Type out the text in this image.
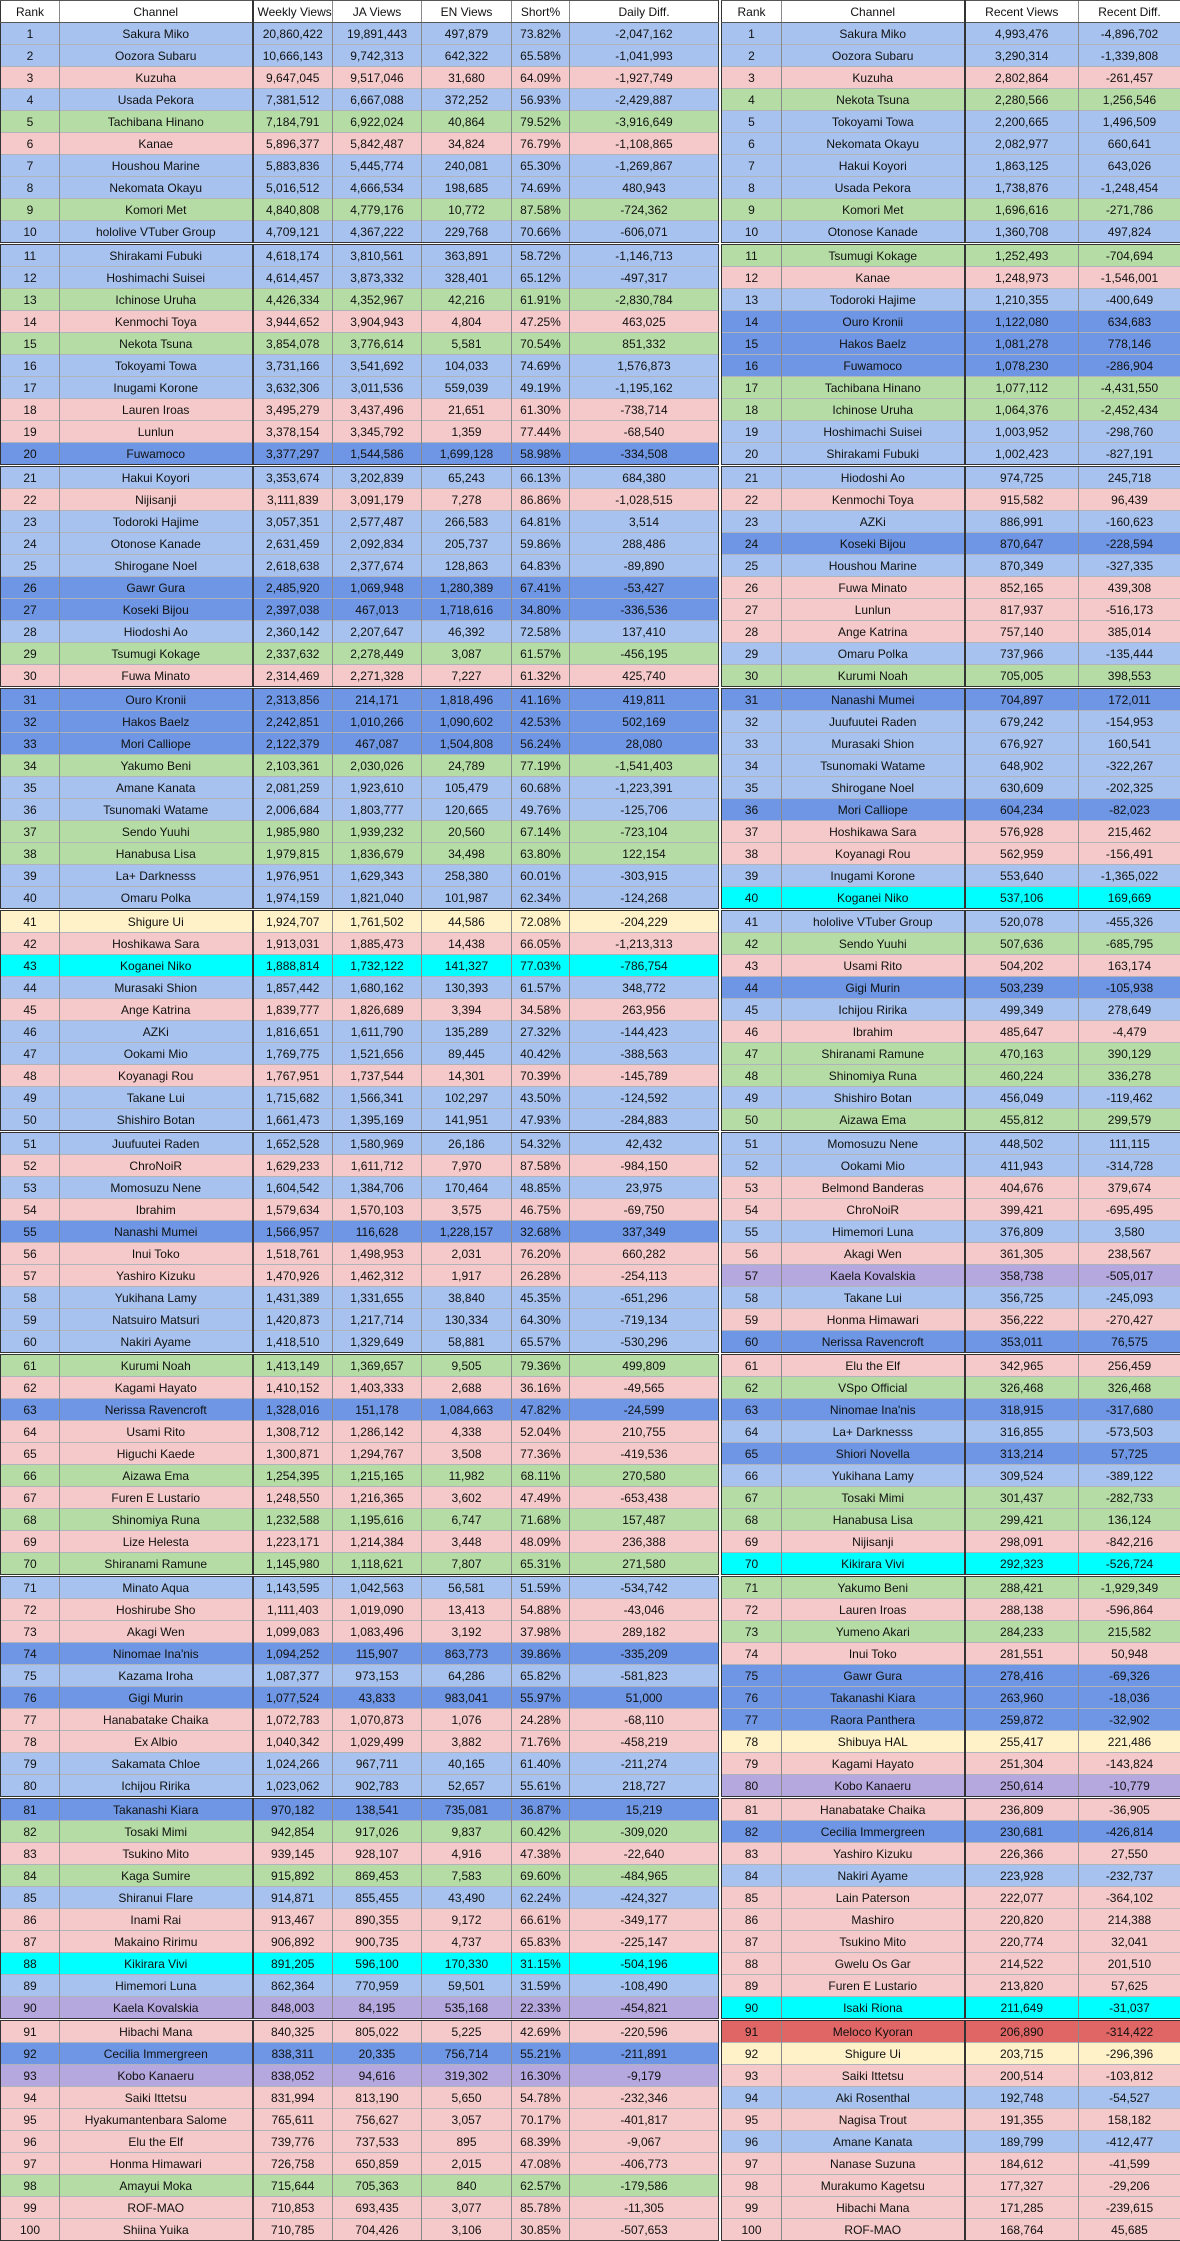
Rank	Channel	Weekly Views	JA Views	EN Views	Short%	Daily Diff.
1	Sakura Miko	20,860,422	19,891,443	497,879	73.82%	-2,047,162
2	Oozora Subaru	10,666,143	9,742,313	642,322	65.58%	-1,041,993
3	Kuzuha	9,647,045	9,517,046	31,680	64.09%	-1,927,749
4	Usada Pekora	7,381,512	6,667,088	372,252	56.93%	-2,429,887
5	Tachibana Hinano	7,184,791	6,922,024	40,864	79.52%	-3,916,649
6	Kanae	5,896,377	5,842,487	34,824	76.79%	-1,108,865
7	Houshou Marine	5,883,836	5,445,774	240,081	65.30%	-1,269,867
8	Nekomata Okayu	5,016,512	4,666,534	198,685	74.69%	480,943
9	Komori Met	4,840,808	4,779,176	10,772	87.58%	-724,362
10	hololive VTuber Group	4,709,121	4,367,222	229,768	70.66%	-606,071
11	Shirakami Fubuki	4,618,174	3,810,561	363,891	58.72%	-1,146,713
12	Hoshimachi Suisei	4,614,457	3,873,332	328,401	65.12%	-497,317
13	Ichinose Uruha	4,426,334	4,352,967	42,216	61.91%	-2,830,784
14	Kenmochi Toya	3,944,652	3,904,943	4,804	47.25%	463,025
15	Nekota Tsuna	3,854,078	3,776,614	5,581	70.54%	851,332
16	Tokoyami Towa	3,731,166	3,541,692	104,033	74.69%	1,576,873
17	Inugami Korone	3,632,306	3,011,536	559,039	49.19%	-1,195,162
18	Lauren Iroas	3,495,279	3,437,496	21,651	61.30%	-738,714
19	Lunlun	3,378,154	3,345,792	1,359	77.44%	-68,540
20	Fuwamoco	3,377,297	1,544,586	1,699,128	58.98%	-334,508
21	Hakui Koyori	3,353,674	3,202,839	65,243	66.13%	684,380
22	Nijisanji	3,111,839	3,091,179	7,278	86.86%	-1,028,515
23	Todoroki Hajime	3,057,351	2,577,487	266,583	64.81%	3,514
24	Otonose Kanade	2,631,459	2,092,834	205,737	59.86%	288,486
25	Shirogane Noel	2,618,638	2,377,674	128,863	64.83%	-89,890
26	Gawr Gura	2,485,920	1,069,948	1,280,389	67.41%	-53,427
27	Koseki Bijou	2,397,038	467,013	1,718,616	34.80%	-336,536
28	Hiodoshi Ao	2,360,142	2,207,647	46,392	72.58%	137,410
29	Tsumugi Kokage	2,337,632	2,278,449	3,087	61.57%	-456,195
30	Fuwa Minato	2,314,469	2,271,328	7,227	61.32%	425,740
31	Ouro Kronii	2,313,856	214,171	1,818,496	41.16%	419,811
32	Hakos Baelz	2,242,851	1,010,266	1,090,602	42.53%	502,169
33	Mori Calliope	2,122,379	467,087	1,504,808	56.24%	28,080
34	Yakumo Beni	2,103,361	2,030,026	24,789	77.19%	-1,541,403
35	Amane Kanata	2,081,259	1,923,610	105,479	60.68%	-1,223,391
36	Tsunomaki Watame	2,006,684	1,803,777	120,665	49.76%	-125,706
37	Sendo Yuuhi	1,985,980	1,939,232	20,560	67.14%	-723,104
38	Hanabusa Lisa	1,979,815	1,836,679	34,498	63.80%	122,154
39	La+ Darknesss	1,976,951	1,629,343	258,380	60.01%	-303,915
40	Omaru Polka	1,974,159	1,821,040	101,987	62.34%	-124,268
41	Shigure Ui	1,924,707	1,761,502	44,586	72.08%	-204,229
42	Hoshikawa Sara	1,913,031	1,885,473	14,438	66.05%	-1,213,313
43	Koganei Niko	1,888,814	1,732,122	141,327	77.03%	-786,754
44	Murasaki Shion	1,857,442	1,680,162	130,393	61.57%	348,772
45	Ange Katrina	1,839,777	1,826,689	3,394	34.58%	263,956
46	AZKi	1,816,651	1,611,790	135,289	27.32%	-144,423
47	Ookami Mio	1,769,775	1,521,656	89,445	40.42%	-388,563
48	Koyanagi Rou	1,767,951	1,737,544	14,301	70.39%	-145,789
49	Takane Lui	1,715,682	1,566,341	102,297	43.50%	-124,592
50	Shishiro Botan	1,661,473	1,395,169	141,951	47.93%	-284,883
51	Juufuutei Raden	1,652,528	1,580,969	26,186	54.32%	42,432
52	ChroNoiR	1,629,233	1,611,712	7,970	87.58%	-984,150
53	Momosuzu Nene	1,604,542	1,384,706	170,464	48.85%	23,975
54	Ibrahim	1,579,634	1,570,103	3,575	46.75%	-69,750
55	Nanashi Mumei	1,566,957	116,628	1,228,157	32.68%	337,349
56	Inui Toko	1,518,761	1,498,953	2,031	76.20%	660,282
57	Yashiro Kizuku	1,470,926	1,462,312	1,917	26.28%	-254,113
58	Yukihana Lamy	1,431,389	1,331,655	38,840	45.35%	-651,296
59	Natsuiro Matsuri	1,420,873	1,217,714	130,334	64.30%	-719,134
60	Nakiri Ayame	1,418,510	1,329,649	58,881	65.57%	-530,296
61	Kurumi Noah	1,413,149	1,369,657	9,505	79.36%	499,809
62	Kagami Hayato	1,410,152	1,403,333	2,688	36.16%	-49,565
63	Nerissa Ravencroft	1,328,016	151,178	1,084,663	47.82%	-24,599
64	Usami Rito	1,308,712	1,286,142	4,338	52.04%	210,755
65	Higuchi Kaede	1,300,871	1,294,767	3,508	77.36%	-419,536
66	Aizawa Ema	1,254,395	1,215,165	11,982	68.11%	270,580
67	Furen E Lustario	1,248,550	1,216,365	3,602	47.49%	-653,438
68	Shinomiya Runa	1,232,588	1,195,616	6,747	71.68%	157,487
69	Lize Helesta	1,223,171	1,214,384	3,448	48.09%	236,388
70	Shiranami Ramune	1,145,980	1,118,621	7,807	65.31%	271,580
71	Minato Aqua	1,143,595	1,042,563	56,581	51.59%	-534,742
72	Hoshirube Sho	1,111,403	1,019,090	13,413	54.88%	-43,046
73	Akagi Wen	1,099,083	1,083,496	3,192	37.98%	289,182
74	Ninomae Ina'nis	1,094,252	115,907	863,773	39.86%	-335,209
75	Kazama Iroha	1,087,377	973,153	64,286	65.82%	-581,823
76	Gigi Murin	1,077,524	43,833	983,041	55.97%	51,000
77	Hanabatake Chaika	1,072,783	1,070,873	1,076	24.28%	-68,110
78	Ex Albio	1,040,342	1,029,499	3,882	71.76%	-458,219
79	Sakamata Chloe	1,024,266	967,711	40,165	61.40%	-211,274
80	Ichijou Ririka	1,023,062	902,783	52,657	55.61%	218,727
81	Takanashi Kiara	970,182	138,541	735,081	36.87%	15,219
82	Tosaki Mimi	942,854	917,026	9,837	60.42%	-309,020
83	Tsukino Mito	939,145	928,107	4,916	47.38%	-22,640
84	Kaga Sumire	915,892	869,453	7,583	69.60%	-484,965
85	Shiranui Flare	914,871	855,455	43,490	62.24%	-424,327
86	Inami Rai	913,467	890,355	9,172	66.61%	-349,177
87	Makaino Ririmu	906,892	900,735	4,737	65.83%	-225,147
88	Kikirara Vivi	891,205	596,100	170,330	31.15%	-504,196
89	Himemori Luna	862,364	770,959	59,501	31.59%	-108,490
90	Kaela Kovalskia	848,003	84,195	535,168	22.33%	-454,821
91	Hibachi Mana	840,325	805,022	5,225	42.69%	-220,596
92	Cecilia Immergreen	838,311	20,335	756,714	55.21%	-211,891
93	Kobo Kanaeru	838,052	94,616	319,302	16.30%	-9,179
94	Saiki Ittetsu	831,994	813,190	5,650	54.78%	-232,346
95	Hyakumantenbara Salome	765,611	756,627	3,057	70.17%	-401,817
96	Elu the Elf	739,776	737,533	895	68.39%	-9,067
97	Honma Himawari	726,758	650,859	2,015	47.08%	-406,773
98	Amayui Moka	715,644	705,363	840	62.57%	-179,586
99	ROF-MAO	710,853	693,435	3,077	85.78%	-11,305
100	Shiina Yuika	710,785	704,426	3,106	30.85%	-507,653
Rank	Channel	Recent Views	Recent Diff.
1	Sakura Miko	4,993,476	-4,896,702
2	Oozora Subaru	3,290,314	-1,339,808
3	Kuzuha	2,802,864	-261,457
4	Nekota Tsuna	2,280,566	1,256,546
5	Tokoyami Towa	2,200,665	1,496,509
6	Nekomata Okayu	2,082,977	660,641
7	Hakui Koyori	1,863,125	643,026
8	Usada Pekora	1,738,876	-1,248,454
9	Komori Met	1,696,616	-271,786
10	Otonose Kanade	1,360,708	497,824
11	Tsumugi Kokage	1,252,493	-704,694
12	Kanae	1,248,973	-1,546,001
13	Todoroki Hajime	1,210,355	-400,649
14	Ouro Kronii	1,122,080	634,683
15	Hakos Baelz	1,081,278	778,146
16	Fuwamoco	1,078,230	-286,904
17	Tachibana Hinano	1,077,112	-4,431,550
18	Ichinose Uruha	1,064,376	-2,452,434
19	Hoshimachi Suisei	1,003,952	-298,760
20	Shirakami Fubuki	1,002,423	-827,191
21	Hiodoshi Ao	974,725	245,718
22	Kenmochi Toya	915,582	96,439
23	AZKi	886,991	-160,623
24	Koseki Bijou	870,647	-228,594
25	Houshou Marine	870,349	-327,335
26	Fuwa Minato	852,165	439,308
27	Lunlun	817,937	-516,173
28	Ange Katrina	757,140	385,014
29	Omaru Polka	737,966	-135,444
30	Kurumi Noah	705,005	398,553
31	Nanashi Mumei	704,897	172,011
32	Juufuutei Raden	679,242	-154,953
33	Murasaki Shion	676,927	160,541
34	Tsunomaki Watame	648,902	-322,267
35	Shirogane Noel	630,609	-202,325
36	Mori Calliope	604,234	-82,023
37	Hoshikawa Sara	576,928	215,462
38	Koyanagi Rou	562,959	-156,491
39	Inugami Korone	553,640	-1,365,022
40	Koganei Niko	537,106	169,669
41	hololive VTuber Group	520,078	-455,326
42	Sendo Yuuhi	507,636	-685,795
43	Usami Rito	504,202	163,174
44	Gigi Murin	503,239	-105,938
45	Ichijou Ririka	499,349	278,649
46	Ibrahim	485,647	-4,479
47	Shiranami Ramune	470,163	390,129
48	Shinomiya Runa	460,224	336,278
49	Shishiro Botan	456,049	-119,462
50	Aizawa Ema	455,812	299,579
51	Momosuzu Nene	448,502	111,115
52	Ookami Mio	411,943	-314,728
53	Belmond Banderas	404,676	379,674
54	ChroNoiR	399,421	-695,495
55	Himemori Luna	376,809	3,580
56	Akagi Wen	361,305	238,567
57	Kaela Kovalskia	358,738	-505,017
58	Takane Lui	356,725	-245,093
59	Honma Himawari	356,222	-270,427
60	Nerissa Ravencroft	353,011	76,575
61	Elu the Elf	342,965	256,459
62	VSpo Official	326,468	326,468
63	Ninomae Ina'nis	318,915	-317,680
64	La+ Darknesss	316,855	-573,503
65	Shiori Novella	313,214	57,725
66	Yukihana Lamy	309,524	-389,122
67	Tosaki Mimi	301,437	-282,733
68	Hanabusa Lisa	299,421	136,124
69	Nijisanji	298,091	-842,216
70	Kikirara Vivi	292,323	-526,724
71	Yakumo Beni	288,421	-1,929,349
72	Lauren Iroas	288,138	-596,864
73	Yumeno Akari	284,233	215,582
74	Inui Toko	281,551	50,948
75	Gawr Gura	278,416	-69,326
76	Takanashi Kiara	263,960	-18,036
77	Raora Panthera	259,872	-32,902
78	Shibuya HAL	255,417	221,486
79	Kagami Hayato	251,304	-143,824
80	Kobo Kanaeru	250,614	-10,779
81	Hanabatake Chaika	236,809	-36,905
82	Cecilia Immergreen	230,681	-426,814
83	Yashiro Kizuku	226,366	27,550
84	Nakiri Ayame	223,928	-232,737
85	Lain Paterson	222,077	-364,102
86	Mashiro	220,820	214,388
87	Tsukino Mito	220,774	32,041
88	Gwelu Os Gar	214,522	201,510
89	Furen E Lustario	213,820	57,625
90	Isaki Riona	211,649	-31,037
91	Meloco Kyoran	206,890	-314,422
92	Shigure Ui	203,715	-296,396
93	Saiki Ittetsu	200,514	-103,812
94	Aki Rosenthal	192,748	-54,527
95	Nagisa Trout	191,355	158,182
96	Amane Kanata	189,799	-412,477
97	Nanase Suzuna	184,612	-41,599
98	Murakumo Kagetsu	177,327	-29,206
99	Hibachi Mana	171,285	-239,615
100	ROF-MAO	168,764	45,685
